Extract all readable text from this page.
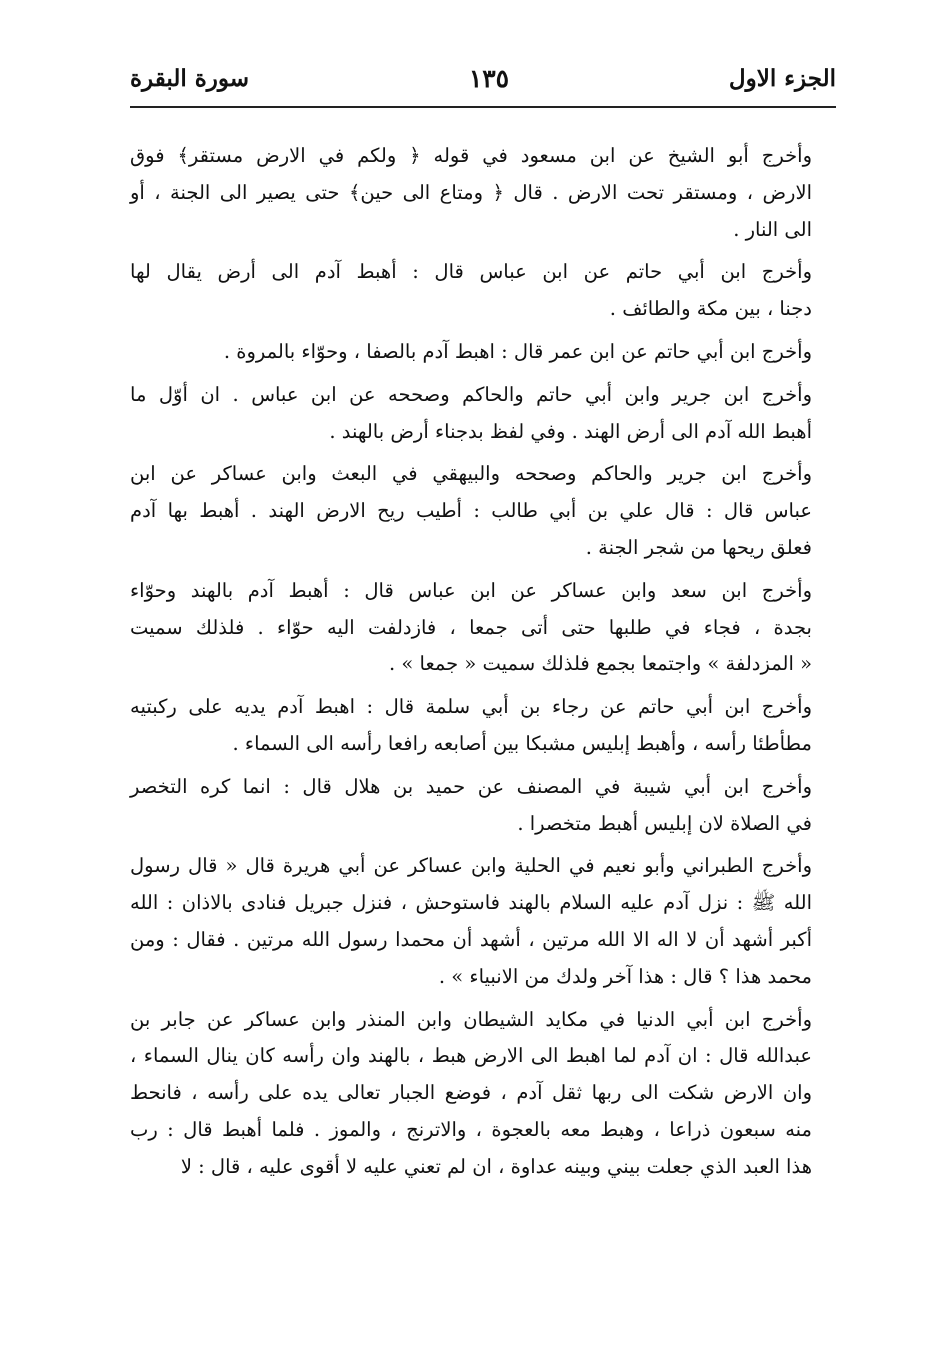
الجزء الاول
١٣٥
سورة البقرة

وأخرج أبو الشيخ عن ابن مسعود في قوله ﴿ ولكم في الارض مستقر﴾ فوق
الارض ، ومستقر تحت الارض . قال ﴿ ومتاع الى حين﴾ حتى يصير الى الجنة ، أو
الى النار .

وأخرج ابن أبي حاتم عن ابن عباس قال : أهبط آدم الى أرض يقال لها
دجنا ، بين مكة والطائف .

وأخرج ابن أبي حاتم عن ابن عمر قال : اهبط آدم بالصفا ، وحوّاء بالمروة .

وأخرج ابن جرير وابن أبي حاتم والحاكم وصححه عن ابن عباس . ان أوّل ما
أهبط الله آدم الى أرض الهند . وفي لفظ بدجناء أرض بالهند .

وأخرج ابن جرير والحاكم وصححه والبيهقي في البعث وابن عساكر عن ابن
عباس قال : قال علي بن أبي طالب : أطيب ريح الارض الهند . أهبط بها آدم
فعلق ريحها من شجر الجنة .

وأخرج ابن سعد وابن عساكر عن ابن عباس قال : أهبط آدم بالهند وحوّاء
بجدة ، فجاء في طلبها حتى أتى جمعا ، فازدلفت اليه حوّاء . فلذلك سميت
« المزدلفة » واجتمعا بجمع فلذلك سميت « جمعا » .

وأخرج ابن أبي حاتم عن رجاء بن أبي سلمة قال : اهبط آدم يديه على ركبتيه
مطأطئا رأسه ، وأهبط إبليس مشبكا بين أصابعه رافعا رأسه الى السماء .

وأخرج ابن أبي شيبة في المصنف عن حميد بن هلال قال : انما كره التخصر
في الصلاة لان إبليس أهبط متخصرا .

وأخرج الطبراني وأبو نعيم في الحلية وابن عساكر عن أبي هريرة قال « قال رسول
الله ﷺ : نزل آدم عليه السلام بالهند فاستوحش ، فنزل جبريل فنادى بالاذان : الله
أكبر أشهد أن لا اله الا الله مرتين ، أشهد أن محمدا رسول الله مرتين . فقال : ومن
محمد هذا ؟ قال : هذا آخر ولدك من الانبياء » .

وأخرج ابن أبي الدنيا في مكايد الشيطان وابن المنذر وابن عساكر عن جابر بن
عبدالله قال : ان آدم لما اهبط الى الارض هبط ، بالهند وان رأسه كان ينال السماء ،
وان الارض شكت الى ربها ثقل آدم ، فوضع الجبار تعالى يده على رأسه ، فانحط
منه سبعون ذراعا ، وهبط معه بالعجوة ، والاترنج ، والموز . فلما أهبط قال : رب
هذا العبد الذي جعلت بيني وبينه عداوة ، ان لم تعني عليه لا أقوى عليه ، قال : لا
